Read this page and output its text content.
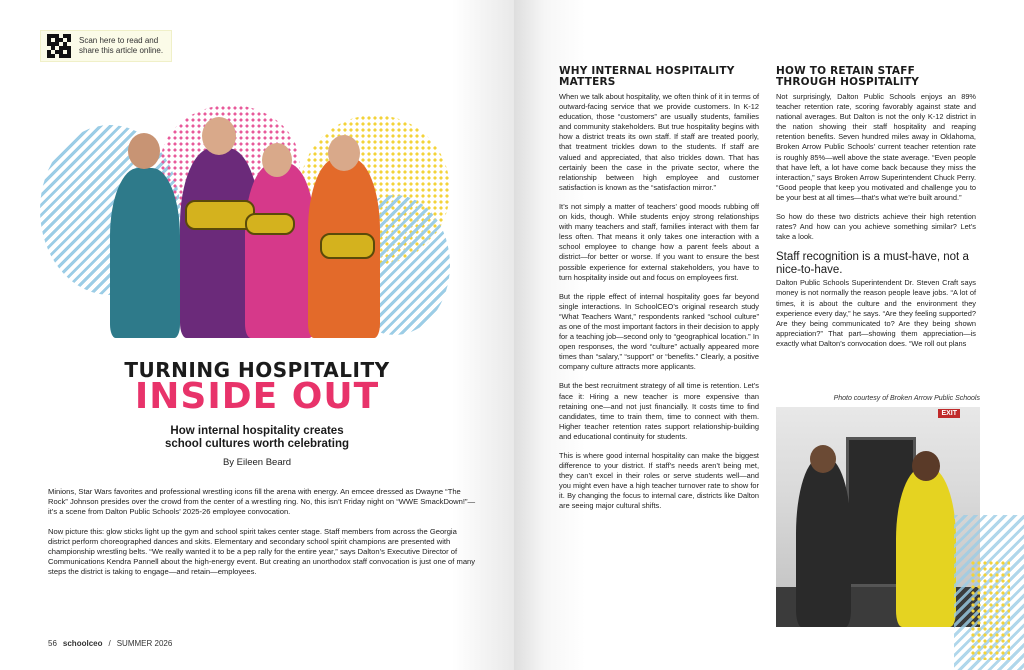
Scan here to read and share this article online.
TURNING HOSPITALITY
INSIDE OUT
How internal hospitality creates
school cultures worth celebrating
By Eileen Beard

Minions, Star Wars favorites and professional wrestling icons fill the arena with energy. An emcee dressed as Dwayne “The Rock” Johnson presides over the crowd from the center of a wrestling ring. No, this isn’t Friday night on “WWE SmackDown!”—it’s a scene from Dalton Public Schools’ 2025-26 employee convocation.

Now picture this: glow sticks light up the gym and school spirit takes center stage. Staff members from across the Georgia district perform choreographed dances and skits. Elementary and secondary school spirit champions are presented with championship wrestling belts. “We really wanted it to be a pep rally for the entire year,” says Dalton’s Executive Director of Communications Kendra Pannell about the high-energy event. But creating an unorthodox staff convocation is just one of many steps the district is taking to engage—and retain—employees.

56 schoolceo / SUMMER 2026
WHY INTERNAL HOSPITALITY MATTERS

When we talk about hospitality, we often think of it in terms of outward-facing service that we provide customers. In K-12 education, those “customers” are usually students, families and community stakeholders. But true hospitality begins with how a district treats its own staff. If staff are treated poorly, that treatment trickles down to the students. If staff are valued and appreciated, that also trickles down. That has certainly been the case in the private sector, where the relationship between high employee and customer satisfaction is known as the “satisfaction mirror.”

It’s not simply a matter of teachers’ good moods rubbing off on kids, though. While students enjoy strong relationships with many teachers and staff, families interact with them far less often. That means it only takes one interaction with a school employee to change how a parent feels about a district—for better or worse. If you want to ensure the best possible experience for external stakeholders, you have to turn hospitality inside out and focus on employees first.

But the ripple effect of internal hospitality goes far beyond single interactions. In SchoolCEO’s original research study “What Teachers Want,” respondents ranked “school culture” as one of the most important factors in their decision to apply for a teaching job—second only to “geographical location.” In open responses, the word “culture” actually appeared more times than “salary,” “support” or “benefits.” Clearly, a positive company culture attracts more applicants.

But the best recruitment strategy of all time is retention. Let’s face it: Hiring a new teacher is more expensive than retaining one—and not just financially. It costs time to find candidates, time to train them, time to connect with them. Higher teacher retention rates support relationship-building and educational continuity for students.

This is where good internal hospitality can make the biggest difference to your district. If staff’s needs aren’t being met, they can’t excel in their roles or serve students well—and you might even have a high teacher turnover rate to show for it. By changing the focus to internal care, districts like Dalton are seeing major cultural shifts.

HOW TO RETAIN STAFF THROUGH HOSPITALITY

Not surprisingly, Dalton Public Schools enjoys an 89% teacher retention rate, scoring favorably against state and national averages. But Dalton is not the only K-12 district in the nation showing their staff hospitality and reaping retention benefits. Seven hundred miles away in Oklahoma, Broken Arrow Public Schools’ current teacher retention rate is roughly 85%—well above the state average. “Even people that have left, a lot have come back because they miss the interaction,” says Broken Arrow Superintendent Chuck Perry. “Good people that keep you motivated and challenge you to be your best at all times—that’s what we’re built around.”

So how do these two districts achieve their high retention rates? And how can you achieve something similar? Let’s take a look.

Staff recognition is a must-have, not a nice-to-have.

Dalton Public Schools Superintendent Dr. Steven Craft says money is not normally the reason people leave jobs. “A lot of times, it is about the culture and the environment they experience every day,” he says. “Are they feeling supported? Are they being communicated to? Are they being shown appreciation?” That part—showing them appreciation—is exactly what Dalton’s convocation does. “We roll out plans

Photo courtesy of Broken Arrow Public Schools
EXIT
